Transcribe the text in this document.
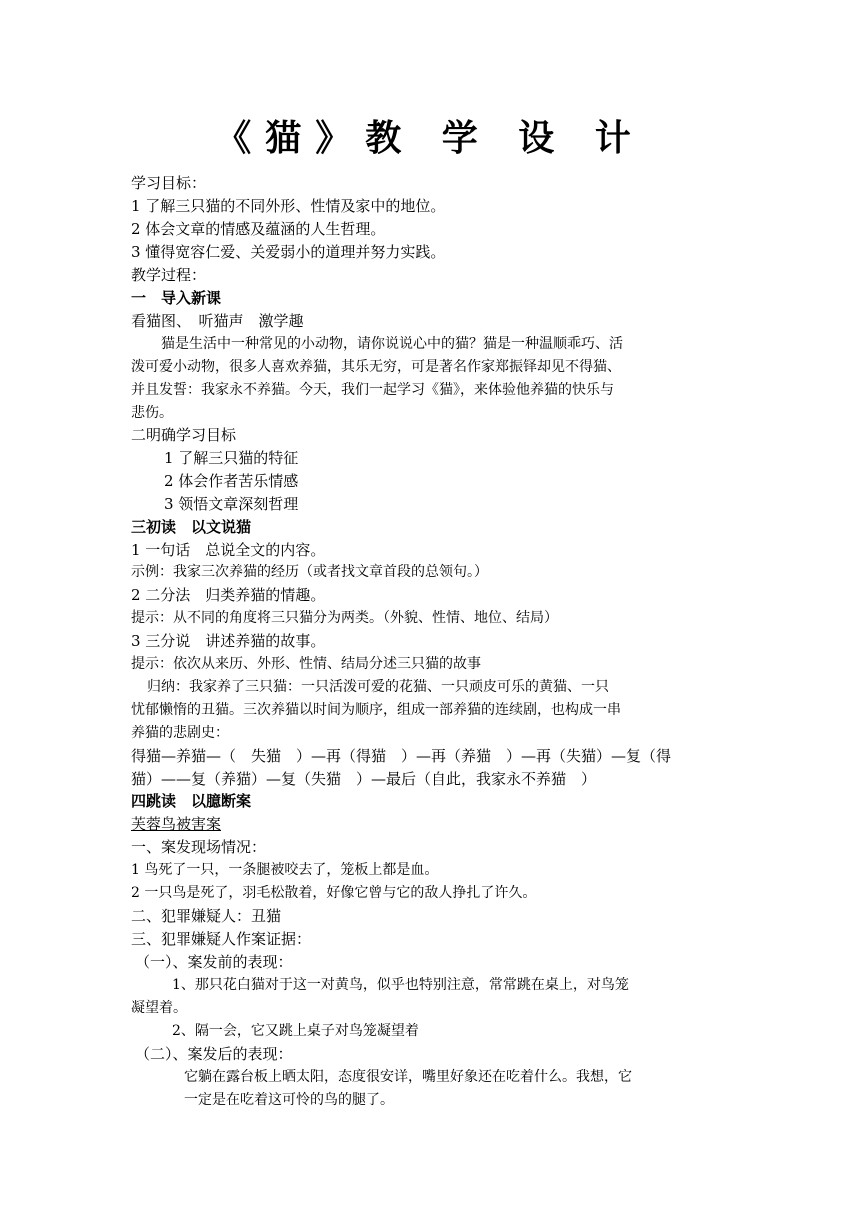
《猫》教 学 设 计
学习目标：
1 了解三只猫的不同外形、性情及家中的地位。
2 体会文章的情感及蕴涵的人生哲理。
3 懂得宽容仁爱、关爱弱小的道理并努力实践。
教学过程：
一　导入新课
看猫图、　听猫声　激学趣
猫是生活中一种常见的小动物，请你说说心中的猫？猫是一种温顺乖巧、活
泼可爱小动物，很多人喜欢养猫，其乐无穷，可是著名作家郑振铎却见不得猫、
并且发誓：我家永不养猫。今天，我们一起学习《猫》，来体验他养猫的快乐与
悲伤。
二明确学习目标
1 了解三只猫的特征
2 体会作者苦乐情感
3 领悟文章深刻哲理
三初读　以文说猫
1 一句话　总说全文的内容。
示例：我家三次养猫的经历（或者找文章首段的总领句。）
2 二分法　归类养猫的情趣。
提示：从不同的角度将三只猫分为两类。（外貌、性情、地位、结局）
3 三分说　讲述养猫的故事。
提示：依次从来历、外形、性情、结局分述三只猫的故事
归纳：我家养了三只猫：一只活泼可爱的花猫、一只顽皮可乐的黄猫、一只
忧郁懒惰的丑猫。三次养猫以时间为顺序，组成一部养猫的连续剧，也构成一串
养猫的悲剧史：
得猫—养猫—（　失猫　）—再（得猫　）—再（养猫　）—再（失猫）—复（得
猫）——复（养猫）—复（失猫　）—最后（自此，我家永不养猫　）
四跳读　以臆断案
芙蓉鸟被害案
一、案发现场情况：
1 鸟死了一只，一条腿被咬去了，笼板上都是血。
2 一只鸟是死了，羽毛松散着，好像它曾与它的敌人挣扎了许久。
二、犯罪嫌疑人：丑猫
三、犯罪嫌疑人作案证据：
（一）、案发前的表现：
1、那只花白猫对于这一对黄鸟，似乎也特别注意，常常跳在桌上，对鸟笼
凝望着。
2、隔一会，它又跳上桌子对鸟笼凝望着
（二）、案发后的表现：
它躺在露台板上晒太阳，态度很安详，嘴里好象还在吃着什么。我想，它
一定是在吃着这可怜的鸟的腿了。
